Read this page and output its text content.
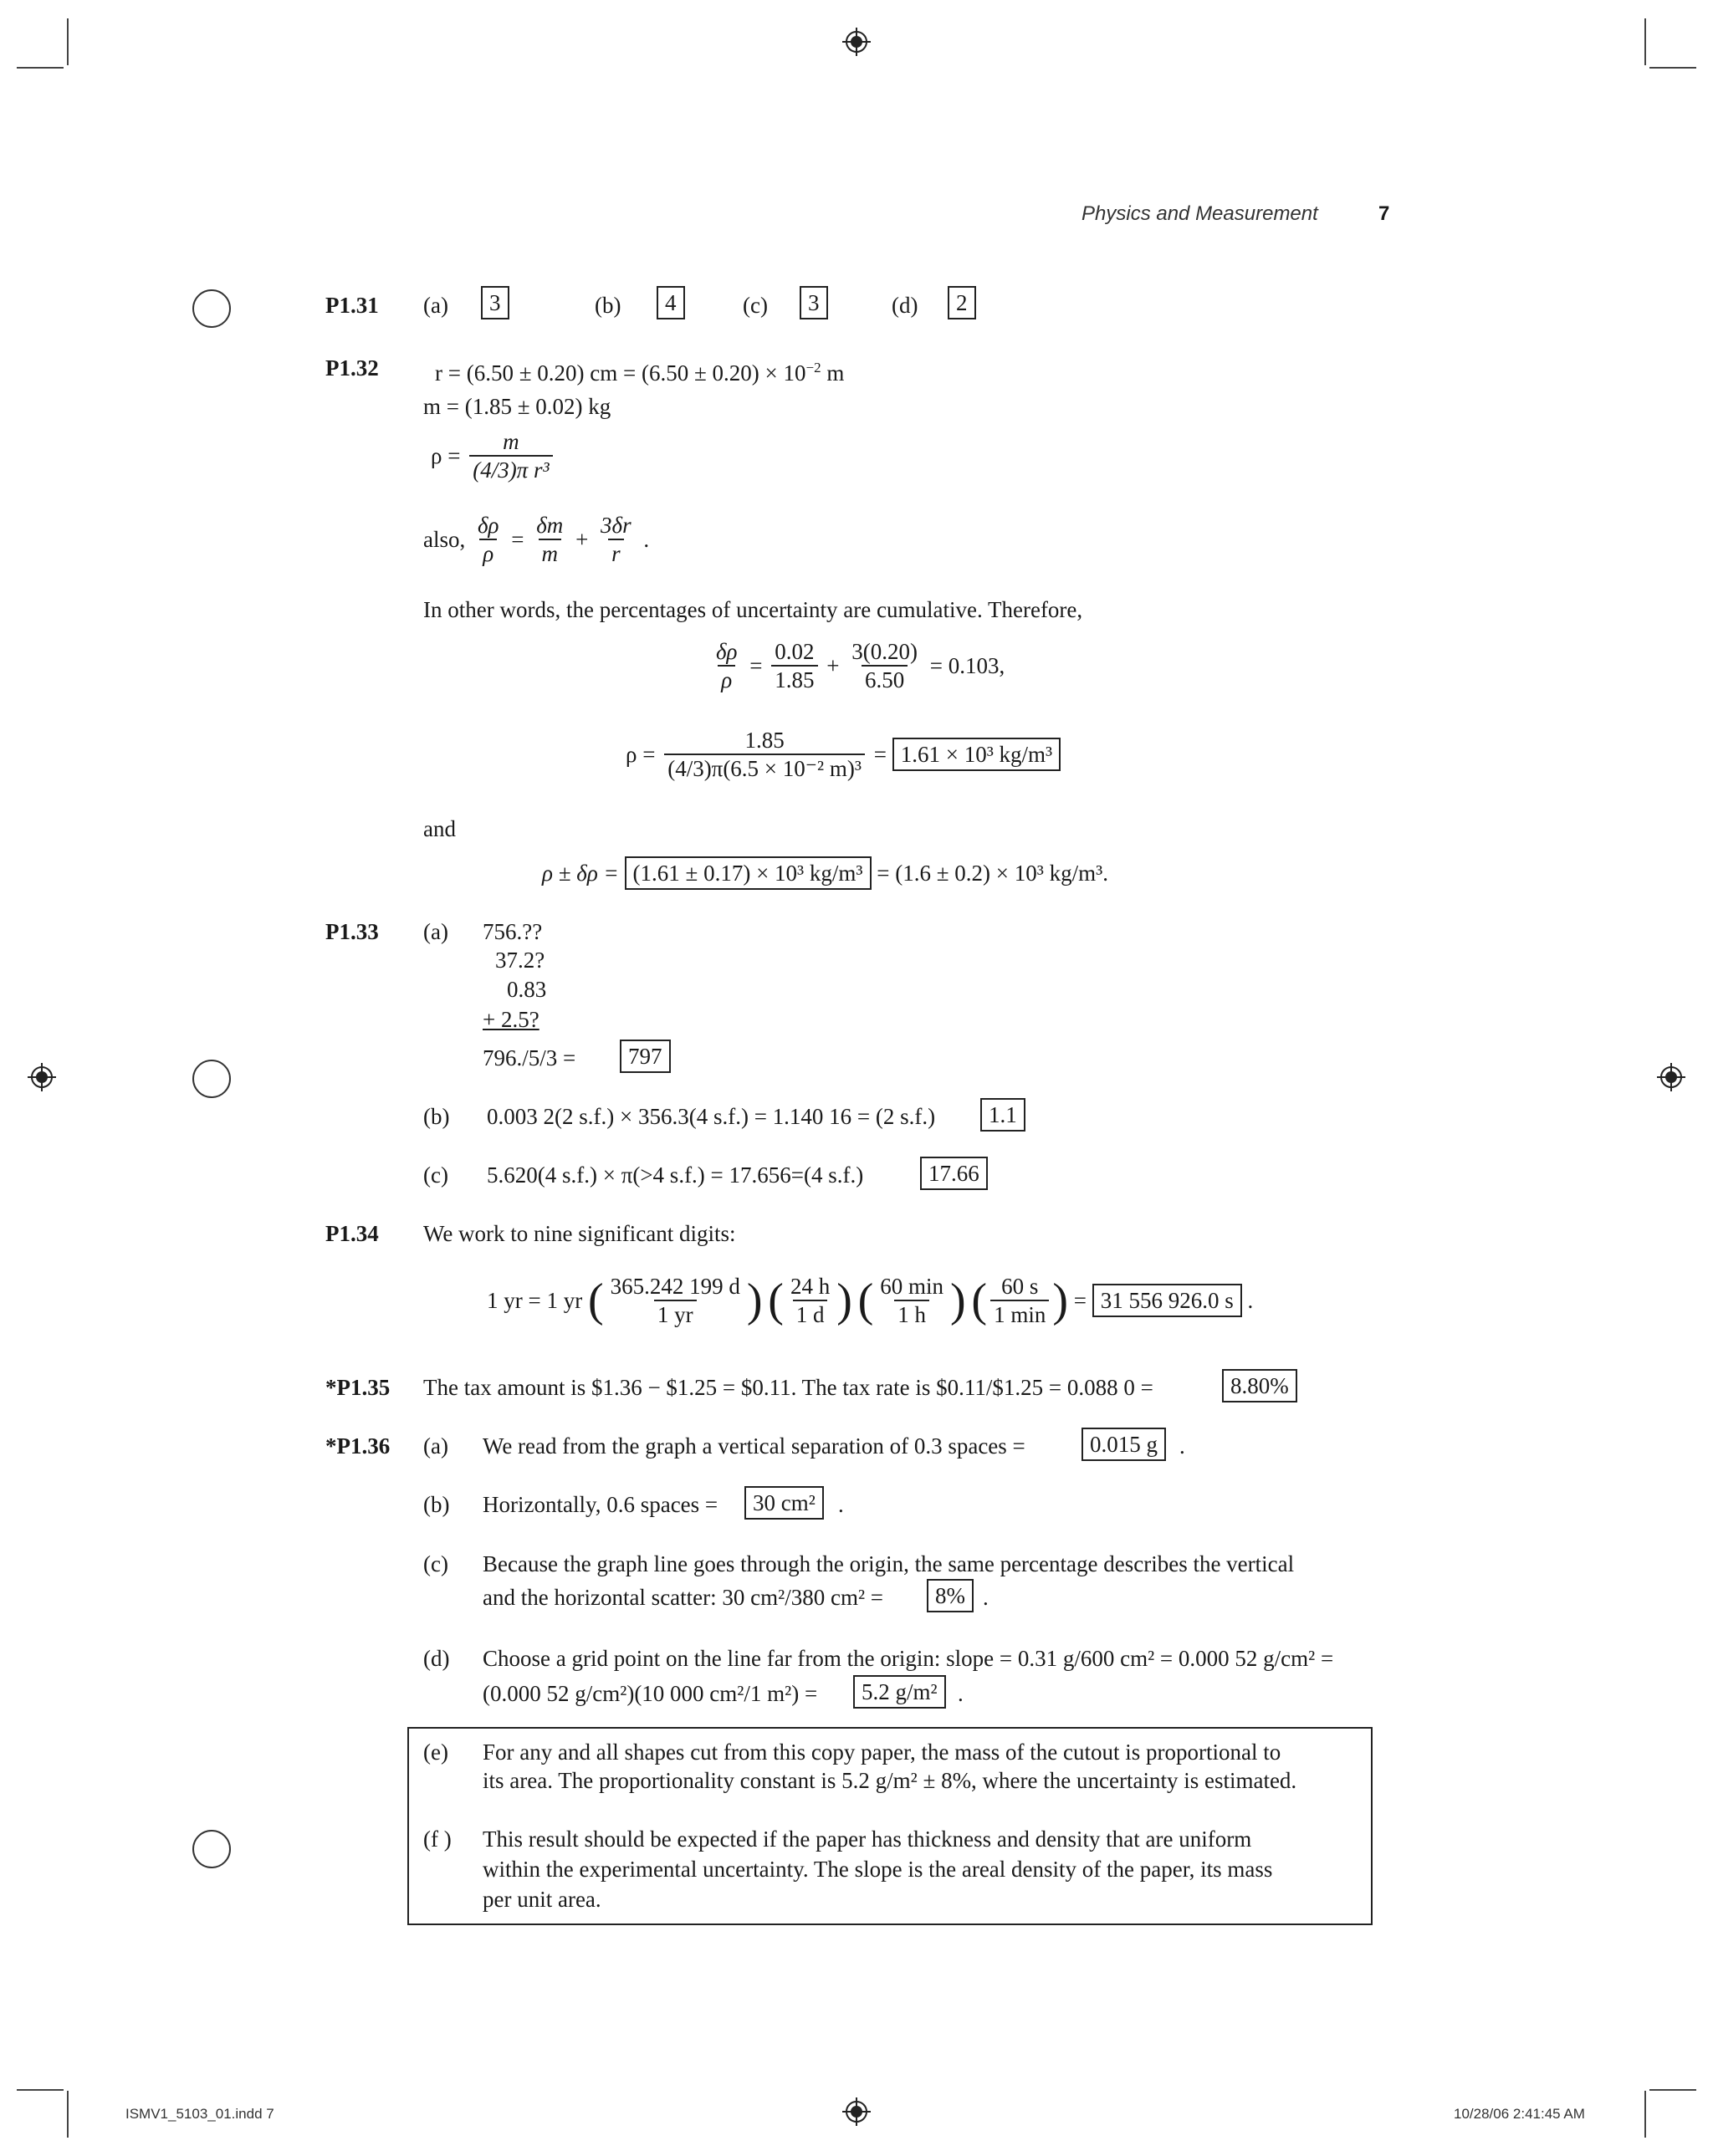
Physics and Measurement	7
P1.31 (a)	3	(b)	4	(c)	3	(d)	2
P1.32 r = (6.50 ± 0.20) cm = $(6.50 \pm 0.20) \times 10^{-2}$ m
m = (1.85 ± 0.02) kg
$\rho = \frac{m}{\text{(4/3)π r³}}$
also, $\frac{\delta\rho}{\rho} = \frac{\delta m}{m} + \frac{3\delta r}{r}$ .
In other words, the percentages of uncertainty are cumulative. Therefore,
$\frac{\delta\rho}{\rho} = \frac{0.02}{1.85} + \frac{3(0.20)}{6.50} = 0.103$,
$\rho = \frac{1.85}{\text{(4/3)π(6.5 × 10⁻² m)³}} = 1.61 \times 10^3$ kg/m³
and
ρ ± δρ = (1.61 ± 0.17) × 10³ kg/m³ = (1.6 ± 0.2) × 10³ kg/m³.
P1.33 (a) 756.??
37.2?
0.83
+ 2.5?
796./5/3 =	797
(b) 0.003 2(2 s.f.) × 356.3(4 s.f.) = 1.140 16 = (2 s.f.)	1.1
(c) 5.620(4 s.f.) × π(>4 s.f.) = 17.656=(4 s.f.)	17.66
P1.34 We work to nine significant digits:
1 yr = 1 yr ( $\frac{365.242 199 d}{1 yr}$ ) ( $\frac{24 h}{1 d}$ ) ( $\frac{60 \min}{1 h}$ ) ( $\frac{60 s}{1 \min}$ ) = 31 556 926.0 s .
*P1.35 The tax amount is $1.36 − $1.25 = $0.11. The tax rate is $0.11/$1.25 = 0.088 0 =	8.80%
*P1.36 (a) We read from the graph a vertical separation of 0.3 spaces =	0.015 g .
(b) Horizontally, 0.6 spaces =	30 cm²	.
(c) Because the graph line goes through the origin, the same percentage describes the vertical
and the horizontal scatter: 30 cm²/380 cm² =	8% .
(d) Choose a grid point on the line far from the origin: slope = 0.31 g/600 cm² = 0.000 52 g/cm² =
(0.000 52 g/cm²)(10 000 cm²/1 m²) =	5.2 g/m² .
(e) For any and all shapes cut from this copy paper, the mass of the cutout is proportional to
its area. The proportionality constant is 5.2 g/m² ± 8%, where the uncertainty is estimated.
(f ) This result should be expected if the paper has thickness and density that are uniform
within the experimental uncertainty. The slope is the areal density of the paper, its mass
per unit area.
ISMV1_5103_01.indd 7	10/28/06 2:41:45 AM
